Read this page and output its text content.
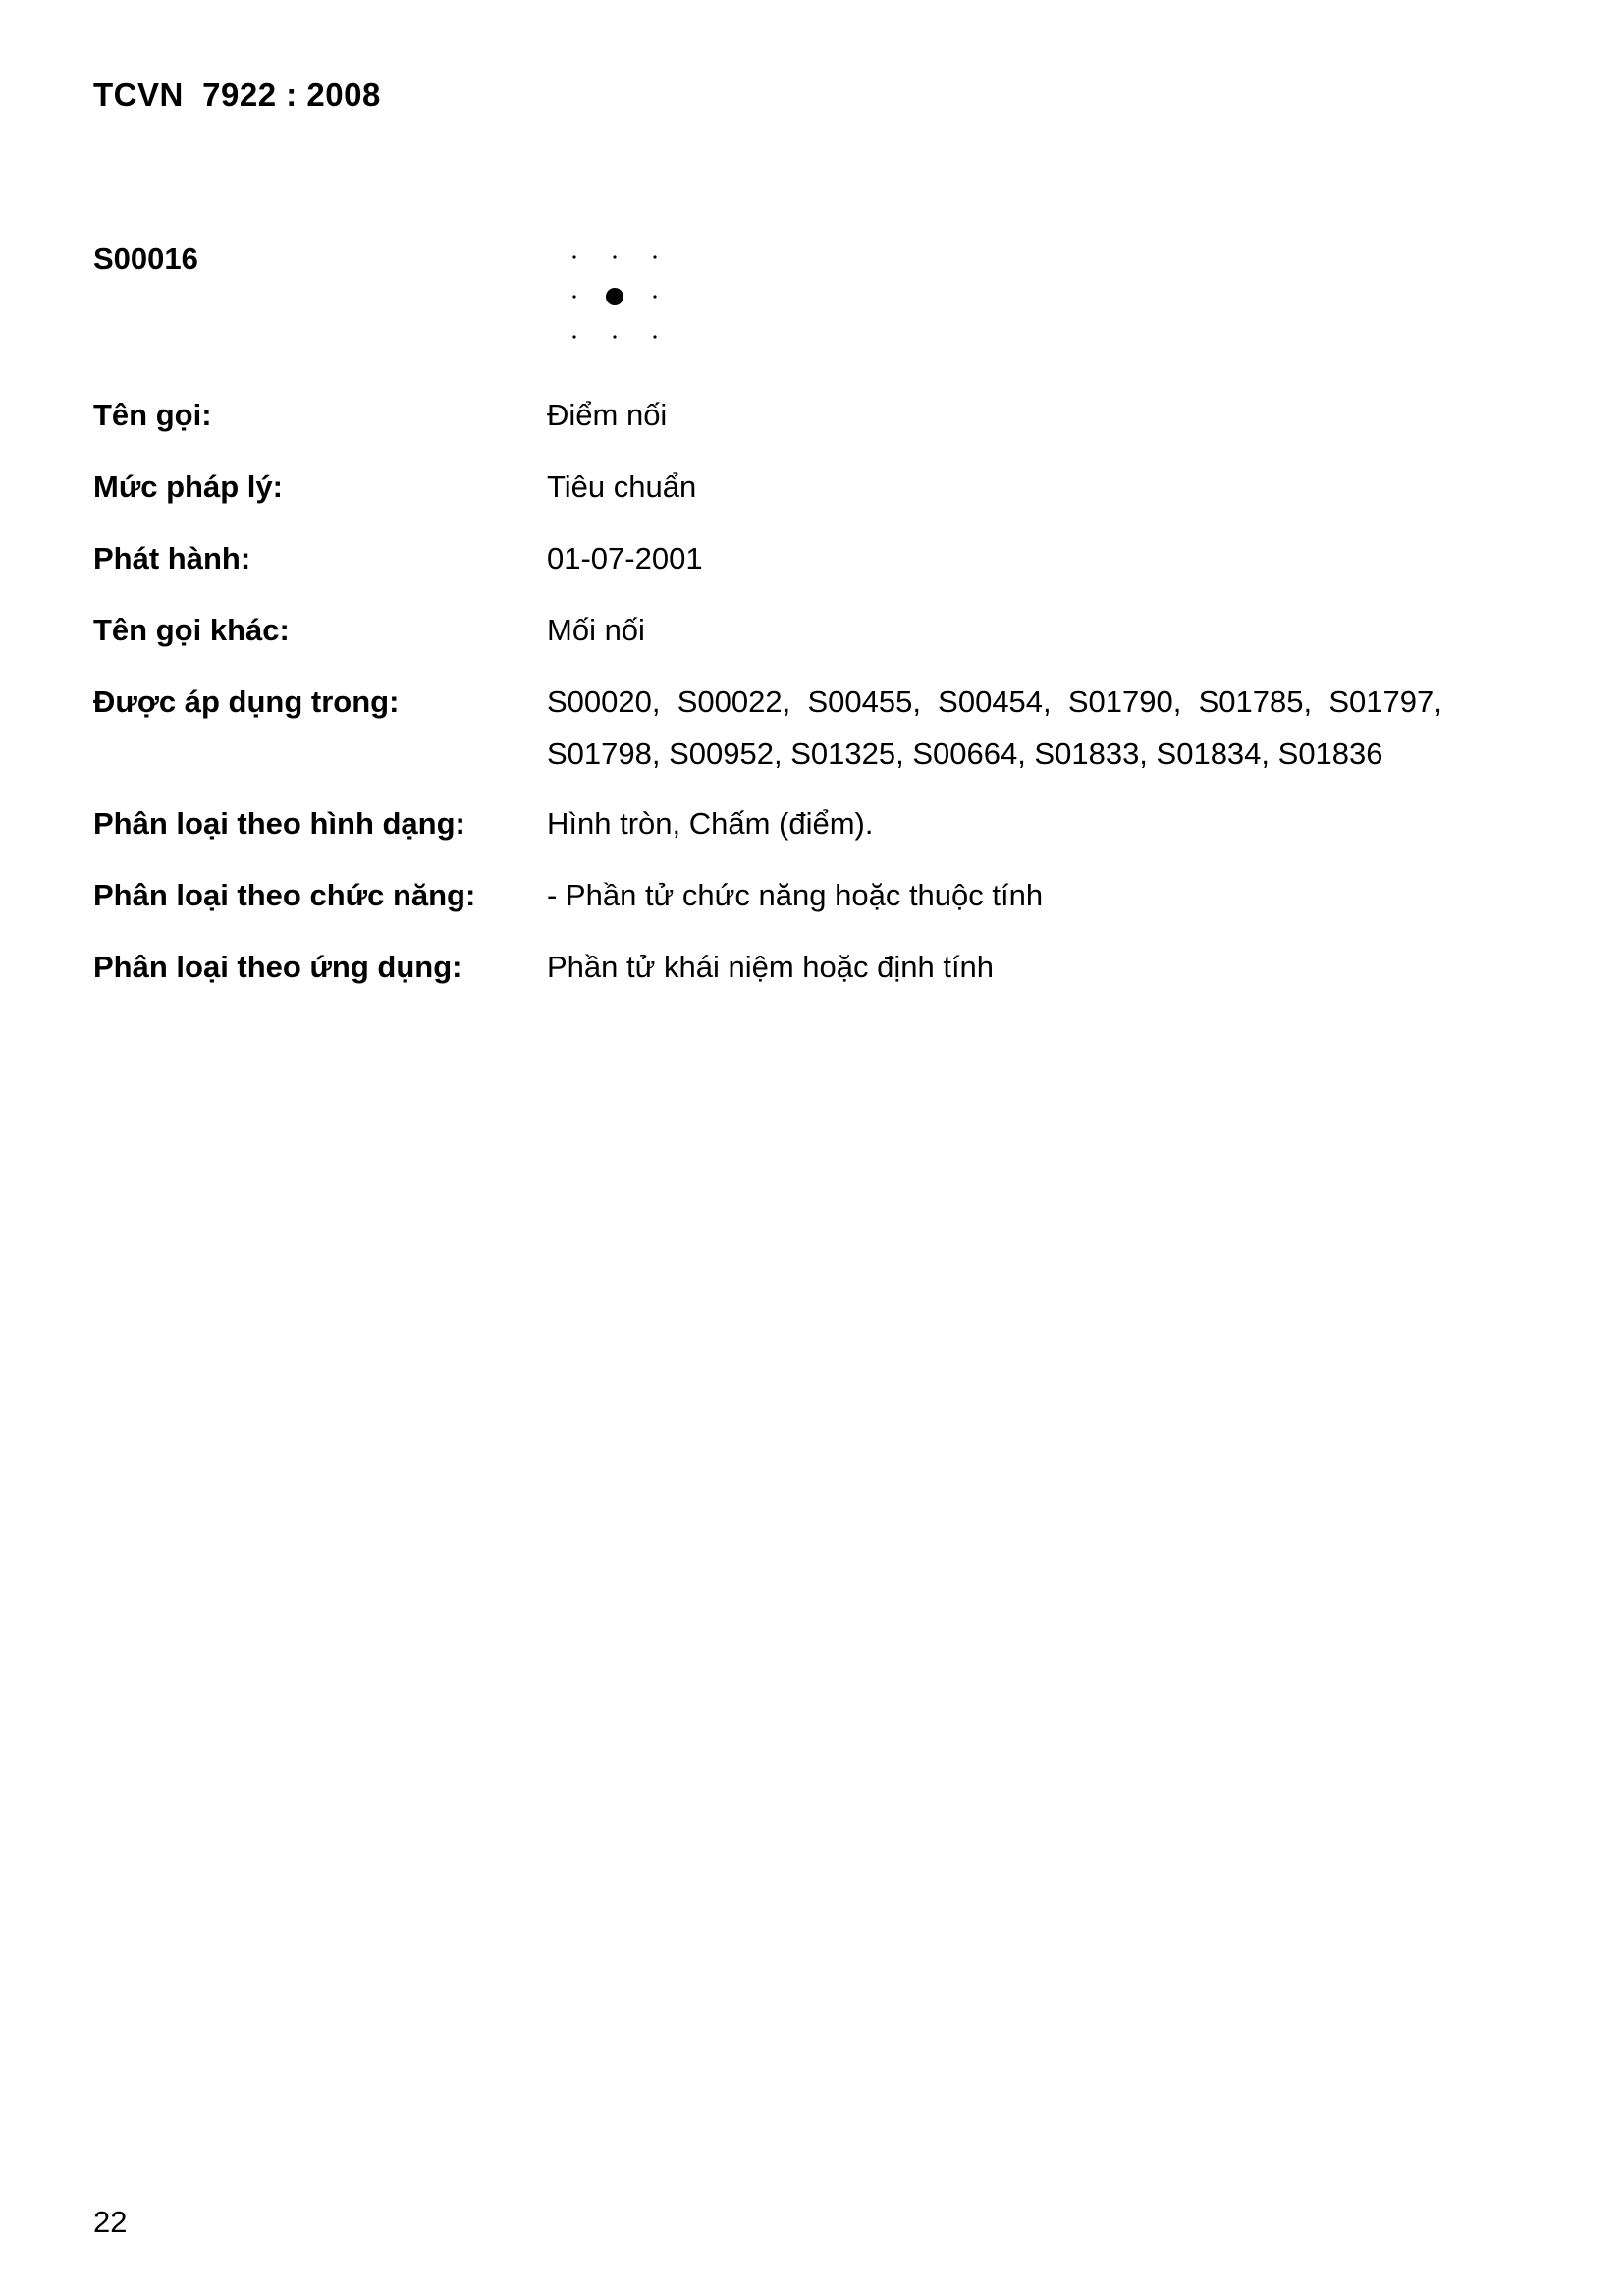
TCVN  7922 : 2008
S00016
Tên gọi:	Điểm nối
Mức pháp lý:	Tiêu chuẩn
Phát hành:	01-07-2001
Tên gọi khác:	Mối nối
Được áp dụng trong:	S00020,  S00022,  S00455,  S00454,  S01790,  S01785,  S01797,
S01798, S00952, S01325, S00664, S01833, S01834, S01836
Phân loại theo hình dạng:	Hình tròn, Chấm (điểm).
Phân loại theo chức năng: - Phần tử chức năng hoặc thuộc tính
Phân loại theo ứng dụng:	Phần tử khái niệm hoặc định tính
22
